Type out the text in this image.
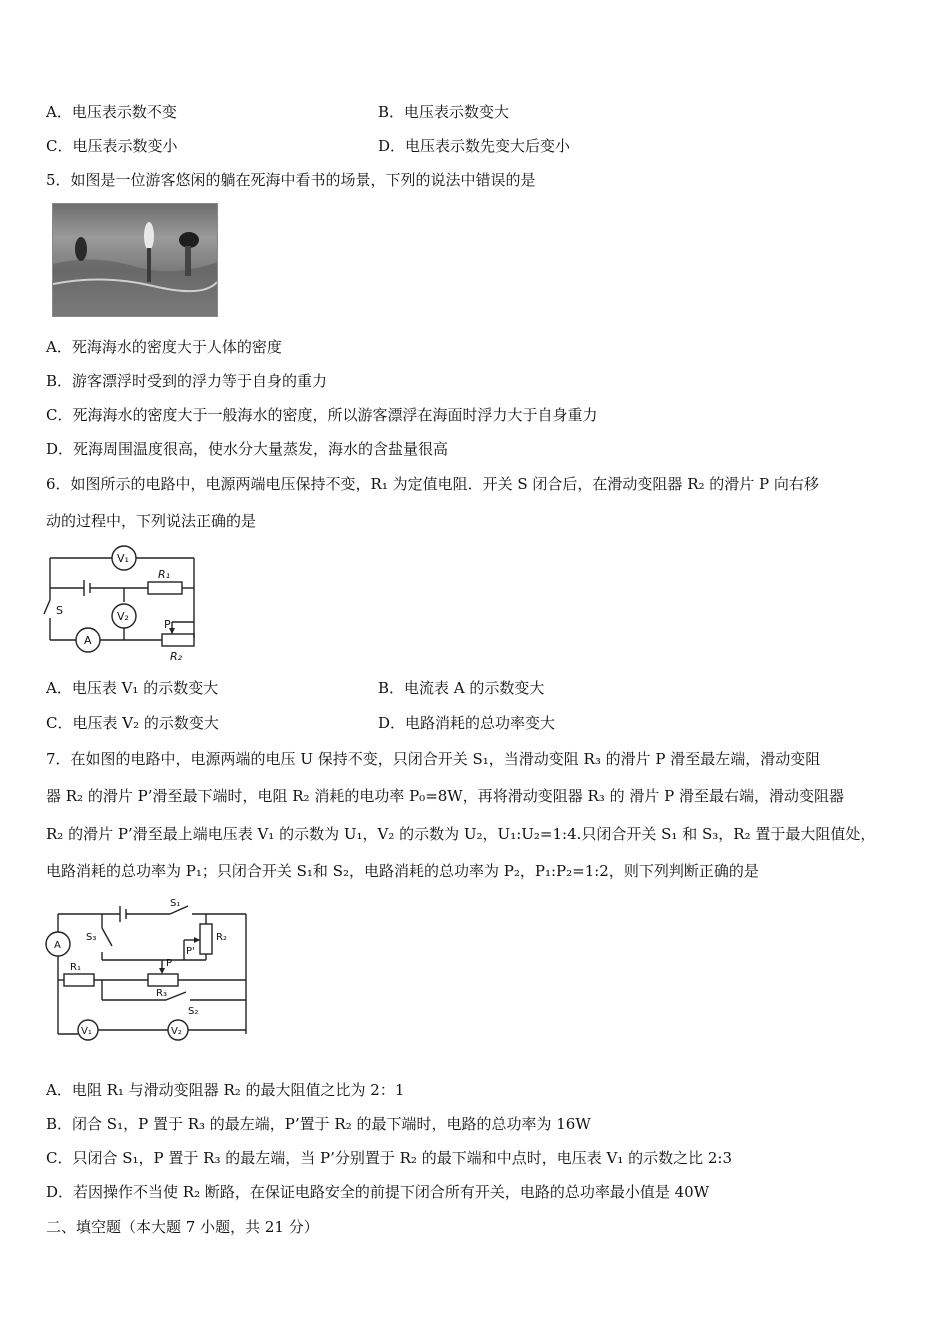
A．电压表示数不变	B．电压表示数变大
C．电压表示数变小	D．电压表示数先变大后变小
5．如图是一位游客悠闲的躺在死海中看书的场景，下列的说法中错误的是
A．死海海水的密度大于人体的密度
B．游客漂浮时受到的浮力等于自身的重力
C．死海海水的密度大于一般海水的密度，所以游客漂浮在海面时浮力大于自身重力
D．死海周围温度很高，使水分大量蒸发，海水的含盐量很高
6．如图所示的电路中，电源两端电压保持不变，R₁ 为定值电阻．开关 S 闭合后，在滑动变阻器 R₂ 的滑片 P 向右移
动的过程中，下列说法正确的是
V₁
V₂
A
R₁
R₂
S
P
A．电压表 V₁ 的示数变大	B．电流表 A 的示数变大
C．电压表 V₂ 的示数变大	D．电路消耗的总功率变大
7．在如图的电路中，电源两端的电压 U 保持不变，只闭合开关 S₁，当滑动变阻 R₃ 的滑片 P 滑至最左端，滑动变阻
器 R₂ 的滑片 P’滑至最下端时，电阻 R₂ 消耗的电功率 P₀=8W，再将滑动变阻器 R₃ 的 滑片 P 滑至最右端，滑动变阻器
R₂ 的滑片 P’滑至最上端电压表 V₁ 的示数为 U₁，V₂ 的示数为 U₂，U₁:U₂=1:4.只闭合开关 S₁ 和 S₃，R₂ 置于最大阻值处，
电路消耗的总功率为 P₁；只闭合开关 S₁和 S₂，电路消耗的总功率为 P₂，P₁:P₂=1:2，则下列判断正确的是
S₁
S₃	R₂
P'
R₁	P
R₃
S₂
A
V₁	V₂
A．电阻 R₁ 与滑动变阻器 R₂ 的最大阻值之比为 2：1
B．闭合 S₁，P 置于 R₃ 的最左端，P’置于 R₂ 的最下端时，电路的总功率为 16W
C．只闭合 S₁，P 置于 R₃ 的最左端，当 P’分别置于 R₂ 的最下端和中点时，电压表 V₁ 的示数之比 2:3
D．若因操作不当使 R₂ 断路，在保证电路安全的前提下闭合所有开关，电路的总功率最小值是 40W
二、填空题（本大题 7 小题，共 21 分）
